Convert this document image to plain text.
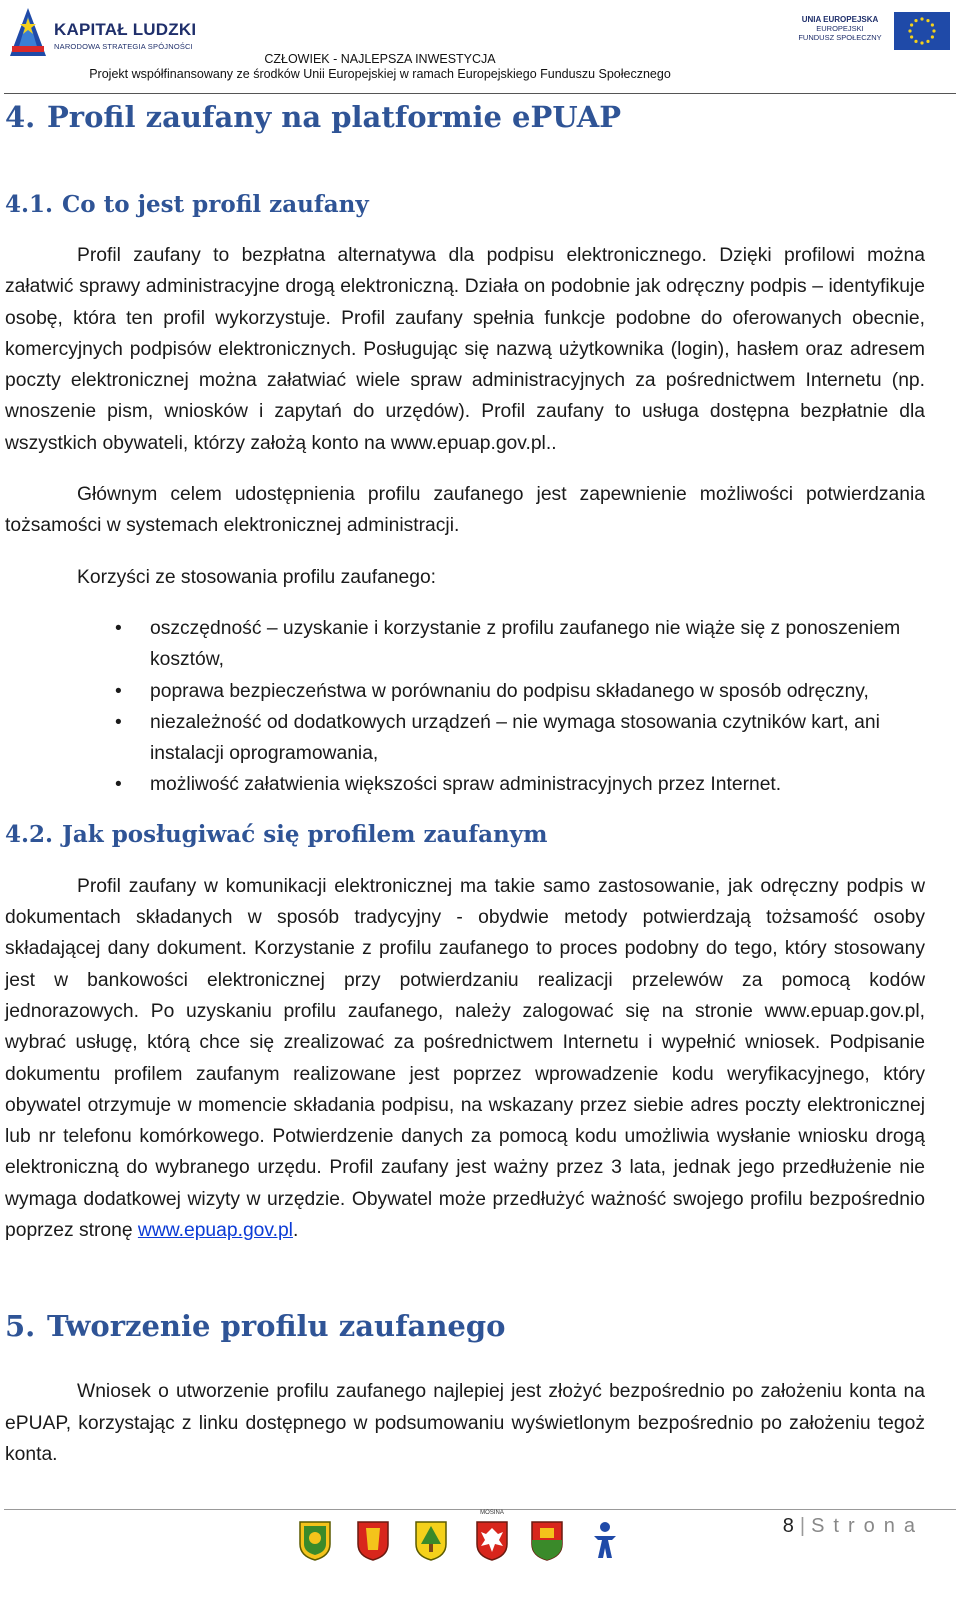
KAPITAŁ LUDZKI
NARODOWA STRATEGIA SPÓJNOŚCI
UNIA EUROPEJSKA
EUROPEJSKI
FUNDUSZ SPOŁECZNY
CZŁOWIEK - NAJLEPSZA INWESTYCJA
Projekt współfinansowany ze środków Unii Europejskiej w ramach Europejskiego Funduszu Społecznego
4. Profil zaufany na platformie ePUAP
4.1. Co to jest profil zaufany

Profil zaufany to bezpłatna alternatywa dla podpisu elektronicznego. Dzięki profilowi można załatwić sprawy administracyjne drogą elektroniczną. Działa on podobnie jak odręczny podpis – identyfikuje osobę, która ten profil wykorzystuje. Profil zaufany spełnia funkcje podobne do oferowanych obecnie, komercyjnych podpisów elektronicznych. Posługując się nazwą użytkownika (login), hasłem oraz adresem poczty elektronicznej można załatwiać wiele spraw administracyjnych za pośrednictwem Internetu (np. wnoszenie pism, wniosków i zapytań do urzędów). Profil zaufany to usługa dostępna bezpłatnie dla wszystkich obywateli, którzy założą konto na www.epuap.gov.pl..

Głównym celem udostępnienia profilu zaufanego jest zapewnienie możliwości potwierdzania tożsamości w systemach elektronicznej administracji.

Korzyści ze stosowania profilu zaufanego:

• oszczędność – uzyskanie i korzystanie z profilu zaufanego nie wiąże się z ponoszeniem kosztów,
• poprawa bezpieczeństwa w porównaniu do podpisu składanego w sposób odręczny,
• niezależność od dodatkowych urządzeń – nie wymaga stosowania czytników kart, ani instalacji oprogramowania,
• możliwość załatwienia większości spraw administracyjnych przez Internet.
4.2. Jak posługiwać się profilem zaufanym

Profil zaufany w komunikacji elektronicznej ma takie samo zastosowanie, jak odręczny podpis w dokumentach składanych w sposób tradycyjny - obydwie metody potwierdzają tożsamość osoby składającej dany dokument. Korzystanie z profilu zaufanego to proces podobny do tego, który stosowany jest w bankowości elektronicznej przy potwierdzaniu realizacji przelewów za pomocą kodów jednorazowych. Po uzyskaniu profilu zaufanego, należy zalogować się na stronie www.epuap.gov.pl, wybrać usługę, którą chce się zrealizować za pośrednictwem Internetu i wypełnić wniosek. Podpisanie dokumentu profilem zaufanym realizowane jest poprzez wprowadzenie kodu weryfikacyjnego, który obywatel otrzymuje w momencie składania podpisu, na wskazany przez siebie adres poczty elektronicznej lub nr telefonu komórkowego. Potwierdzenie danych za pomocą kodu umożliwia wysłanie wniosku drogą elektroniczną do wybranego urzędu. Profil zaufany jest ważny przez 3 lata, jednak jego przedłużenie nie wymaga dodatkowej wizyty w urzędzie. Obywatel może przedłużyć ważność swojego profilu bezpośrednio poprzez stronę www.epuap.gov.pl.

5. Tworzenie profilu zaufanego

Wniosek o utworzenie profilu zaufanego najlepiej jest złożyć bezpośrednio po założeniu konta na ePUAP, korzystając z linku dostępnego w podsumowaniu wyświetlonym bezpośrednio po założeniu tegoż konta.

MOSINA
8 | Strona
